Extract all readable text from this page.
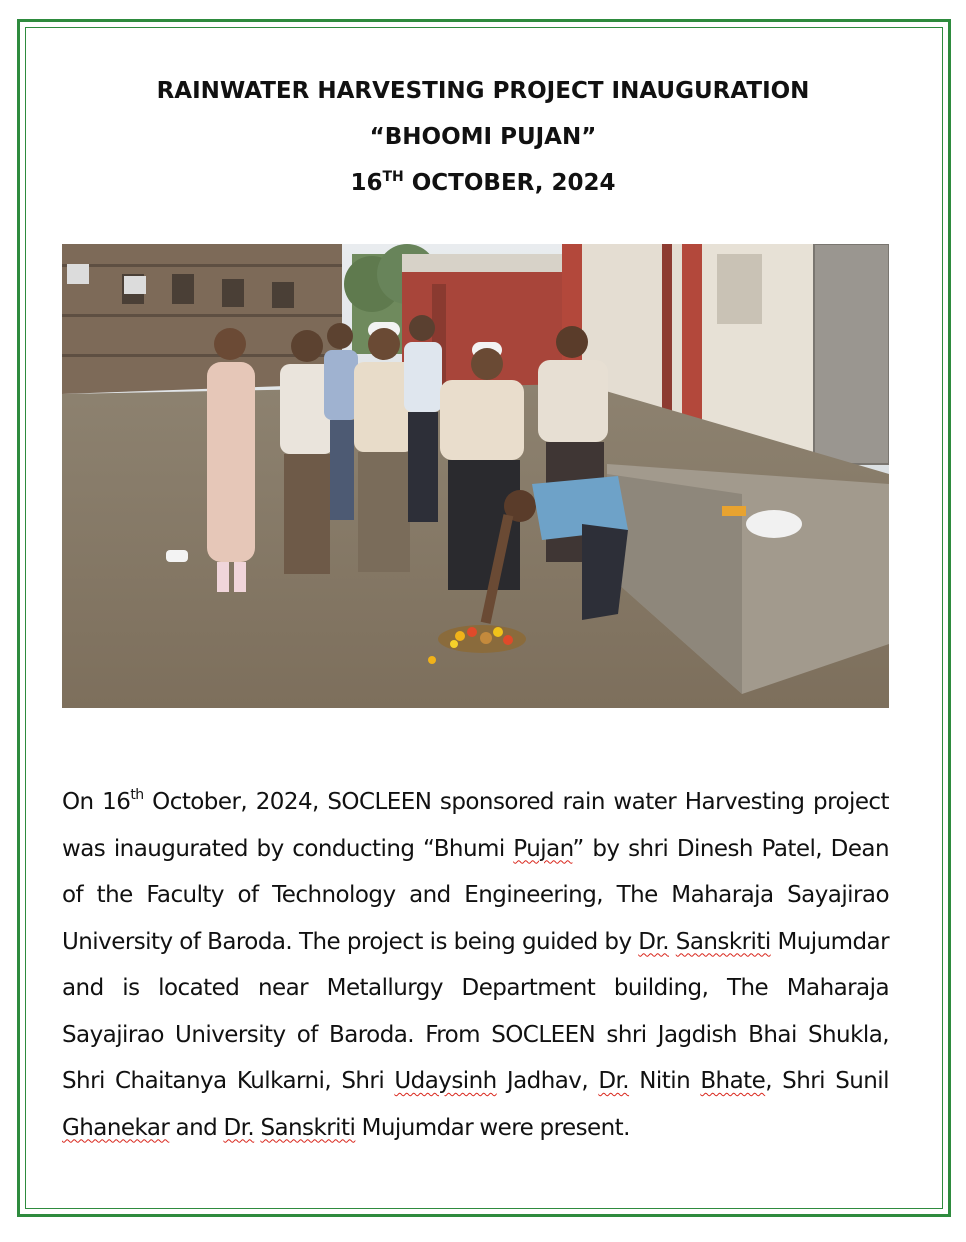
RAINWATER HARVESTING PROJECT INAUGURATION
“BHOOMI PUJAN”
16TH OCTOBER, 2024
On 16th October, 2024, SOCLEEN sponsored rain water Harvesting project was inaugurated by conducting “Bhumi Pujan” by shri Dinesh Patel, Dean of the Faculty of Technology and Engineering, The Maharaja Sayajirao University of Baroda. The project is being guided by Dr. Sanskriti Mujumdar and is located near Metallurgy Department building, The Maharaja Sayajirao University of Baroda. From SOCLEEN shri Jagdish Bhai Shukla, Shri Chaitanya Kulkarni, Shri Udaysinh Jadhav, Dr. Nitin Bhate, Shri Sunil Ghanekar and Dr. Sanskriti Mujumdar were present.
